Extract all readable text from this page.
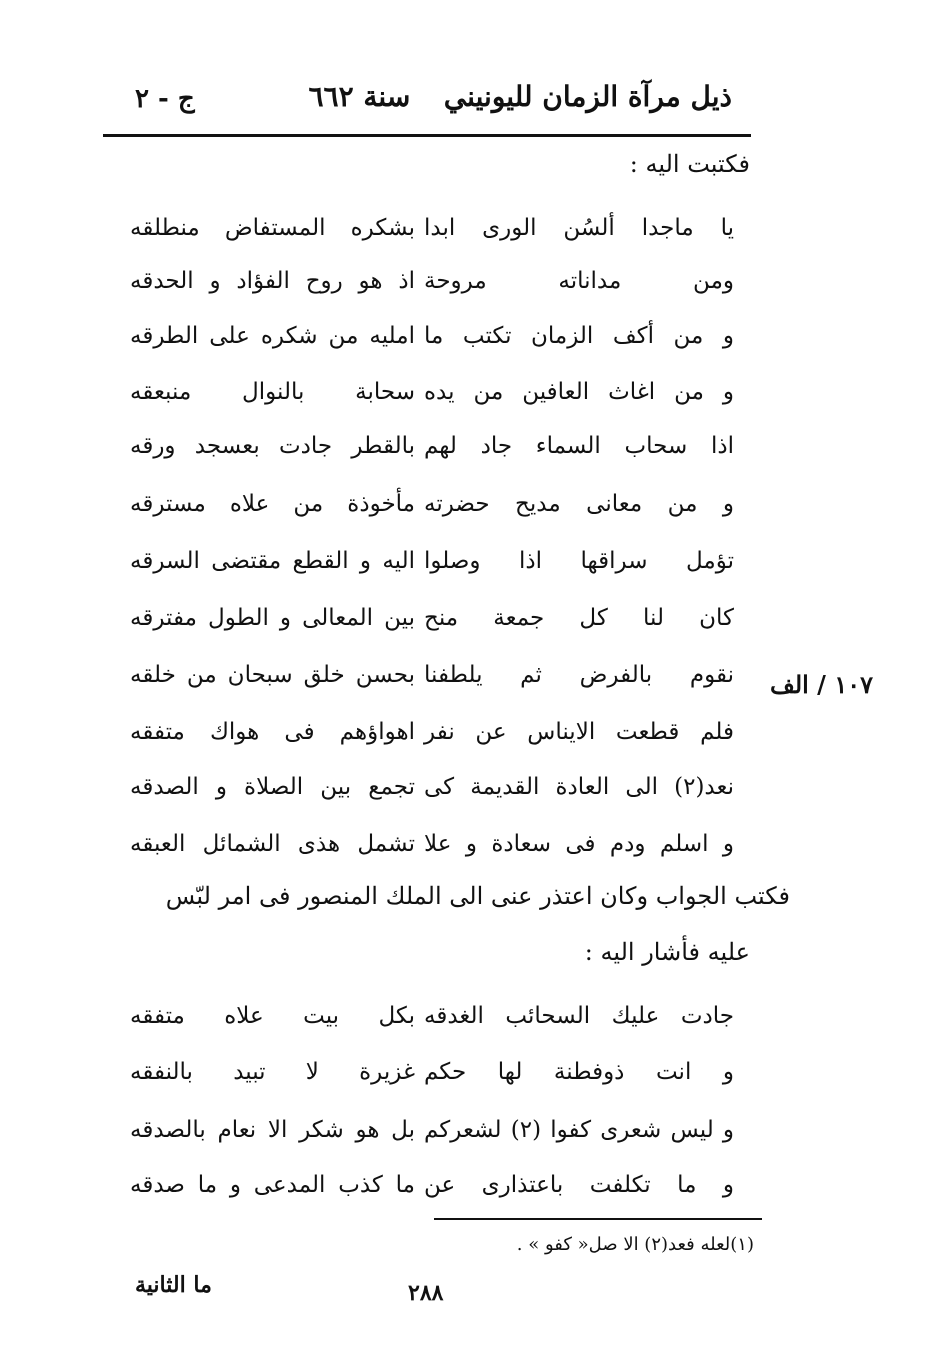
ذيل مرآة الزمان لليونيني  سنة ٦٦٢
ج - ٢
فكتبت اليه :
يا ماجدا ألسُن الورى ابدا
بشكره المستفاض منطلقه
ومن مداناته مروحة
اذ هو روح الفؤاد و الحدقه
و من أكف الزمان تكتب ما
امليه من شكره على الطرقه
و من اغاث العافين من يده
سحابة بالنوال منبعقه
اذا سحاب السماء جاد لهم
بالقطر جادت بعسجد ورقه
و من معانى مديح حضرته
مأخوذة من علاه مسترقه
تؤمل سراقها اذا وصلوا
اليه و القطع مقتضى السرقه
كان لنا كل جمعة منح
بين المعالى و الطول مفترقه
نقوم بالفرض ثم يلطفنا
بحسن خلق سبحان من خلقه
فلم قطعت الايناس عن نفر
اهواؤهم فى هواك متفقه
نعد(٢) الى العادة القديمة كى
تجمع بين الصلاة و الصدقه
و اسلم ودم فى سعادة و علا
تشمل هذى الشمائل العبقه
١٠٧ / الف
فكتب الجواب وكان اعتذر عنى الى الملك المنصور فى امر لبّس
عليه فأشار اليه :
جادت عليك السحائب الغدقه
بكل بيت علاه متفقه
و انت ذوفطنة لها حكم
غزيرة لا تبيد بالنفقه
و ليس شعرى كفوا (٢) لشعركم
بل هو شكر الا نعام بالصدقه
و ما تكلفت باعتذارى عن
ما كذب المدعى و ما صدقه
(١)لعله فعد(٢) الا صل« كفو » .
٢٨٨
ما الثانية
